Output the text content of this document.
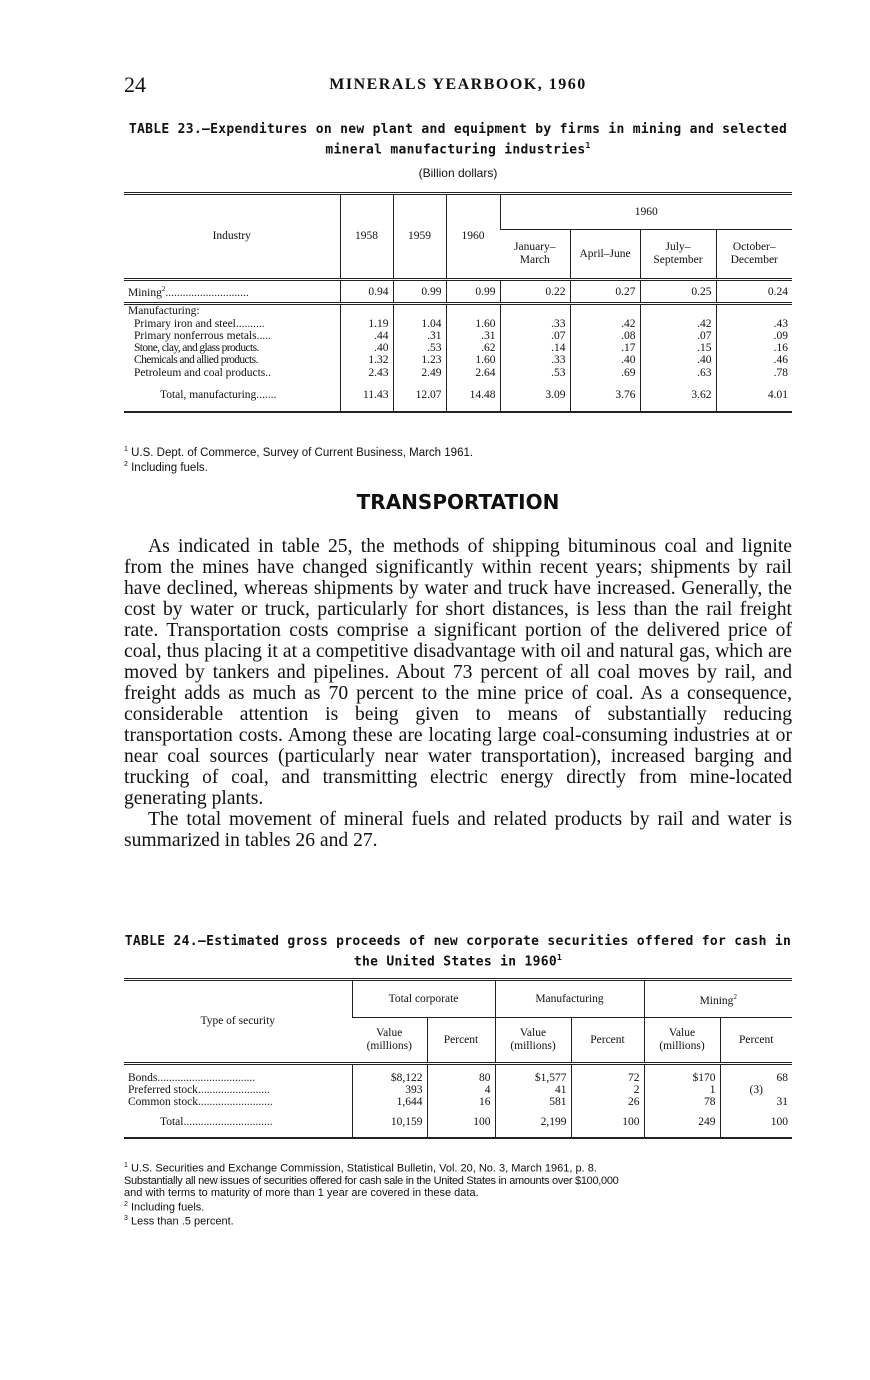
24	MINERALS YEARBOOK, 1960
TABLE 23.—Expenditures on new plant and equipment by firms in mining and selected mineral manufacturing industries$^1$
(Billion dollars)
Industry	1958	1959	1960	1960			
				January–March	April–June	July–September	October–December
Mining$^2$.............................	0.94	0.99	0.99	0.22	0.27	0.25	0.24
Manufacturing:							
Primary iron and steel..........	1.19	1.04	1.60	.33	.42	.42	.43
Primary nonferrous metals.....	.44	.31	.31	.07	.08	.07	.09
Stone, clay, and glass products.	.40	.53	.62	.14	.17	.15	.16
Chemicals and allied products.	1.32	1.23	1.60	.33	.40	.40	.46
Petroleum and coal products..	2.43	2.49	2.64	.53	.69	.63	.78
Total, manufacturing.......	11.43	12.07	14.48	3.09	3.76	3.62	4.01
$^1$ U.S. Dept. of Commerce, Survey of Current Business, March 1961.
$^2$ Including fuels.
TRANSPORTATION

As indicated in table 25, the methods of shipping bituminous coal and lignite from the mines have changed significantly within recent years; shipments by rail have declined, whereas shipments by water and truck have increased. Generally, the cost by water or truck, particularly for short distances, is less than the rail freight rate. Transportation costs comprise a significant portion of the delivered price of coal, thus placing it at a competitive disadvantage with oil and natural gas, which are moved by tankers and pipelines. About 73 percent of all coal moves by rail, and freight adds as much as 70 percent to the mine price of coal. As a consequence, considerable attention is being given to means of substantially reducing transportation costs. Among these are locating large coal-consuming industries at or near coal sources (particularly near water transportation), increased barging and trucking of coal, and transmitting electric energy directly from mine-located generating plants.

The total movement of mineral fuels and related products by rail and water is summarized in tables 26 and 27.

TABLE 24.—Estimated gross proceeds of new corporate securities offered for cash in the United States in 1960$^1$
Type of security	Total corporate		Manufacturing		Mining$^2$
	Value (millions)	Percent	Value (millions)	Percent	Value (millions)	Percent
Bonds..................................	$8,122	80	$1,577	72	$170	68
Preferred stock.........................	393	4	41	2	1	(3)
Common stock..........................	1,644	16	581	26	78	31
Total...............................	10,159	100	2,199	100	249	100
$^1$ U.S. Securities and Exchange Commission, Statistical Bulletin, Vol. 20, No. 3, March 1961, p. 8.
Substantially all new issues of securities offered for cash sale in the United States in amounts over $100,000
and with terms to maturity of more than 1 year are covered in these data.
$^2$ Including fuels.
$^3$ Less than .5 percent.
